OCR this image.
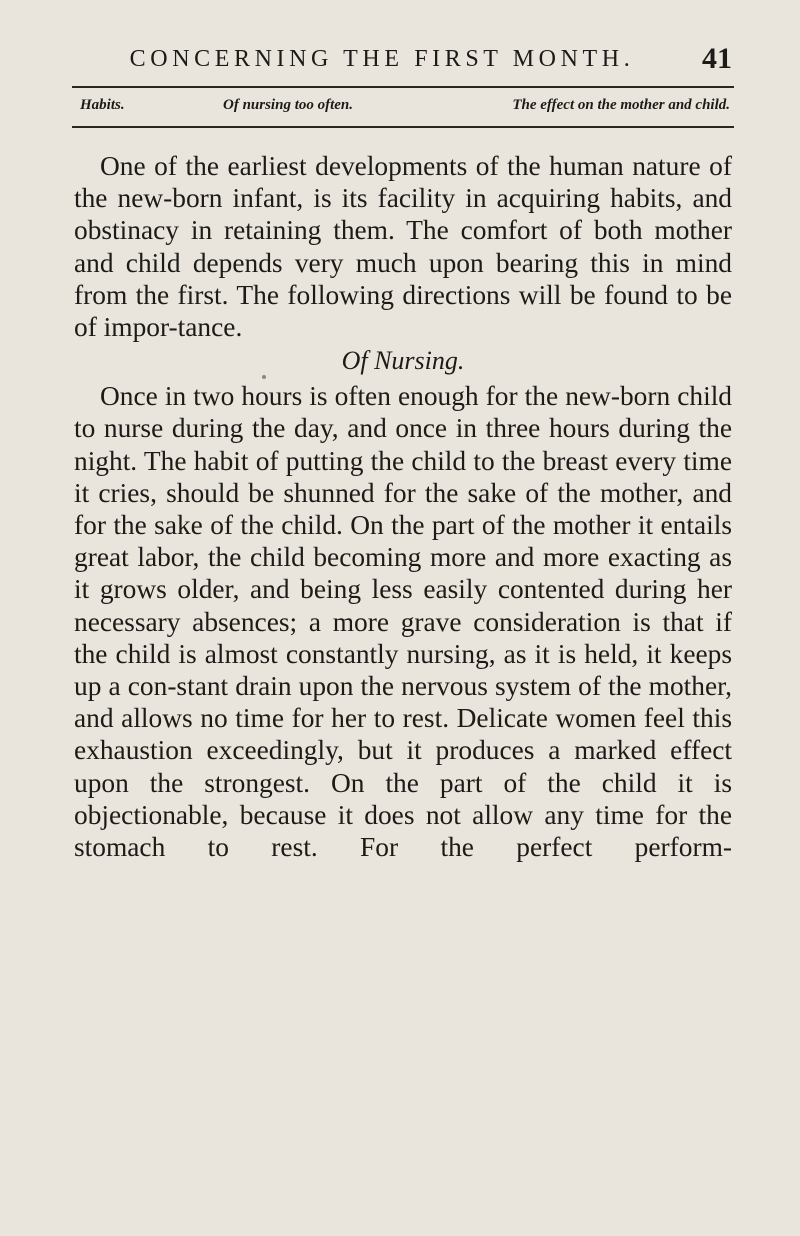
CONCERNING THE FIRST MONTH.	41
Habits.	Of nursing too often.	The effect on the mother and child.

One of the earliest developments of the human nature of the new-born infant, is its facility in acquiring habits, and obstinacy in retaining them. The comfort of both mother and child depends very much upon bearing this in mind from the first. The following directions will be found to be of impor-tance.

Of Nursing.

Once in two hours is often enough for the new-born child to nurse during the day, and once in three hours during the night. The habit of putting the child to the breast every time it cries, should be shunned for the sake of the mother, and for the sake of the child. On the part of the mother it entails great labor, the child becoming more and more exacting as it grows older, and being less easily contented during her necessary absences; a more grave consideration is that if the child is almost constantly nursing, as it is held, it keeps up a con-stant drain upon the nervous system of the mother, and allows no time for her to rest. Delicate women feel this exhaustion exceedingly, but it produces a marked effect upon the strongest. On the part of the child it is objectionable, because it does not allow any time for the stomach to rest. For the perfect perform-
